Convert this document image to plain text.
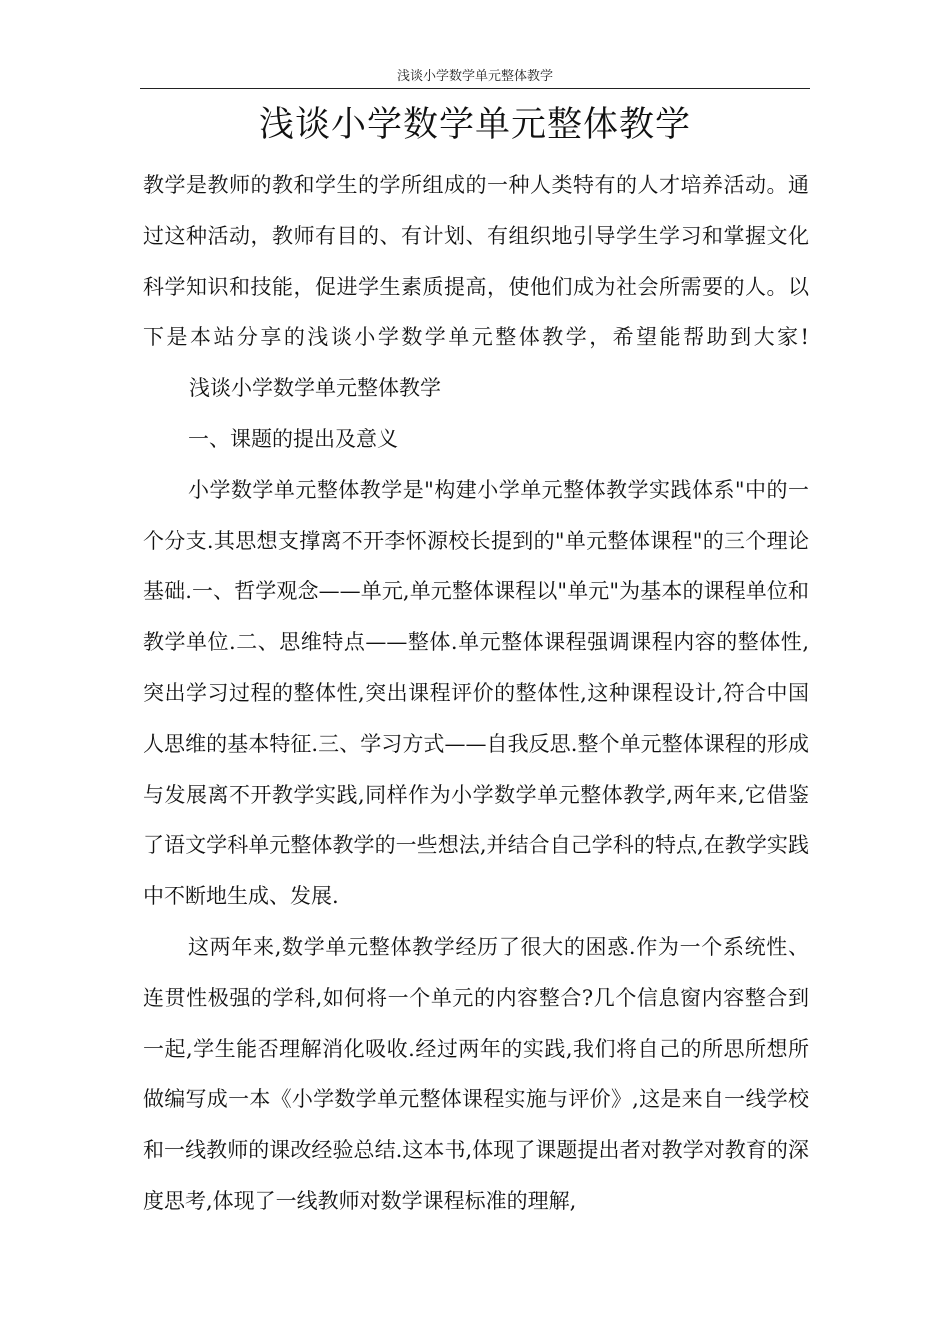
浅谈小学数学单元整体教学
浅谈小学数学单元整体教学

教学是教师的教和学生的学所组成的一种人类特有的人才培养活动。通过这种活动，教师有目的、有计划、有组织地引导学生学习和掌握文化科学知识和技能，促进学生素质提高，使他们成为社会所需要的人。以下是本站分享的浅谈小学数学单元整体教学，希望能帮助到大家!浅谈小学数学单元整体教学

一、课题的提出及意义

小学数学单元整体教学是"构建小学单元整体教学实践体系"中的一个分支.其思想支撑离不开李怀源校长提到的"单元整体课程"的三个理论基础.一、哲学观念——单元,单元整体课程以"单元"为基本的课程单位和教学单位.二、思维特点——整体.单元整体课程强调课程内容的整体性,突出学习过程的整体性,突出课程评价的整体性,这种课程设计,符合中国人思维的基本特征.三、学习方式——自我反思.整个单元整体课程的形成与发展离不开教学实践,同样作为小学数学单元整体教学,两年来,它借鉴了语文学科单元整体教学的一些想法,并结合自己学科的特点,在教学实践中不断地生成、发展.

这两年来,数学单元整体教学经历了很大的困惑.作为一个系统性、连贯性极强的学科,如何将一个单元的内容整合?几个信息窗内容整合到一起,学生能否理解消化吸收.经过两年的实践,我们将自己的所思所想所做编写成一本《小学数学单元整体课程实施与评价》,这是来自一线学校和一线教师的课改经验总结.这本书,体现了课题提出者对教学对教育的深度思考,体现了一线教师对数学课程标准的理解,
